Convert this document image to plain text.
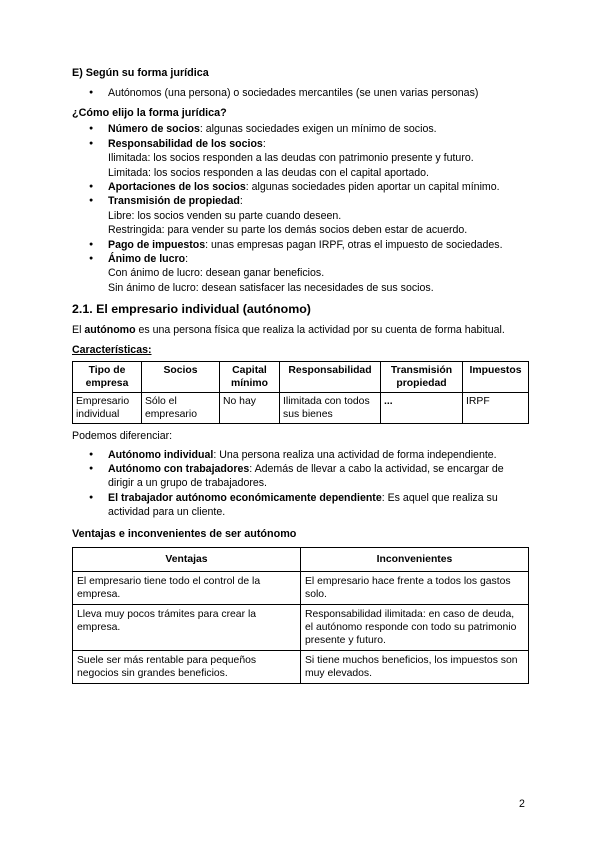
E) Según su forma jurídica
● Autónomos (una persona) o sociedades mercantiles (se unen varias personas)
¿Cómo elijo la forma jurídica?
● Número de socios: algunas sociedades exigen un mínimo de socios.
● Responsabilidad de los socios:
Ilimitada: los socios responden a las deudas con patrimonio presente y futuro.
Limitada: los socios responden a las deudas con el capital aportado.
● Aportaciones de los socios: algunas sociedades piden aportar un capital mínimo.
● Transmisión de propiedad:
Libre: los socios venden su parte cuando deseen.
Restringida: para vender su parte los demás socios deben estar de acuerdo.
● Pago de impuestos: unas empresas pagan IRPF, otras el impuesto de sociedades.
● Ánimo de lucro:
Con ánimo de lucro: desean ganar beneficios.
Sin ánimo de lucro: desean satisfacer las necesidades de sus socios.
2.1. El empresario individual (autónomo)

El autónomo es una persona física que realiza la actividad por su cuenta de forma habitual.

Características:

Tipo de empresa	Socios	Capital mínimo	Responsabilidad	Transmisión propiedad	Impuestos
Empresario individual	Sólo el empresario	No hay	Ilimitada con todos sus bienes	...	IRPF

Podemos diferenciar:

● Autónomo individual: Una persona realiza una actividad de forma independiente.
● Autónomo con trabajadores: Además de llevar a cabo la actividad, se encargar de dirigir a un grupo de trabajadores.
● El trabajador autónomo económicamente dependiente: Es aquel que realiza su actividad para un cliente.
Ventajas e inconvenientes de ser autónomo
Ventajas	Inconvenientes
El empresario tiene todo el control de la empresa.	El empresario hace frente a todos los gastos solo.
Lleva muy pocos trámites para crear la empresa.	Responsabilidad ilimitada: en caso de deuda, el autónomo responde con todo su patrimonio presente y futuro.
Suele ser más rentable para pequeños negocios sin grandes beneficios.	Si tiene muchos beneficios, los impuestos son muy elevados.
2
